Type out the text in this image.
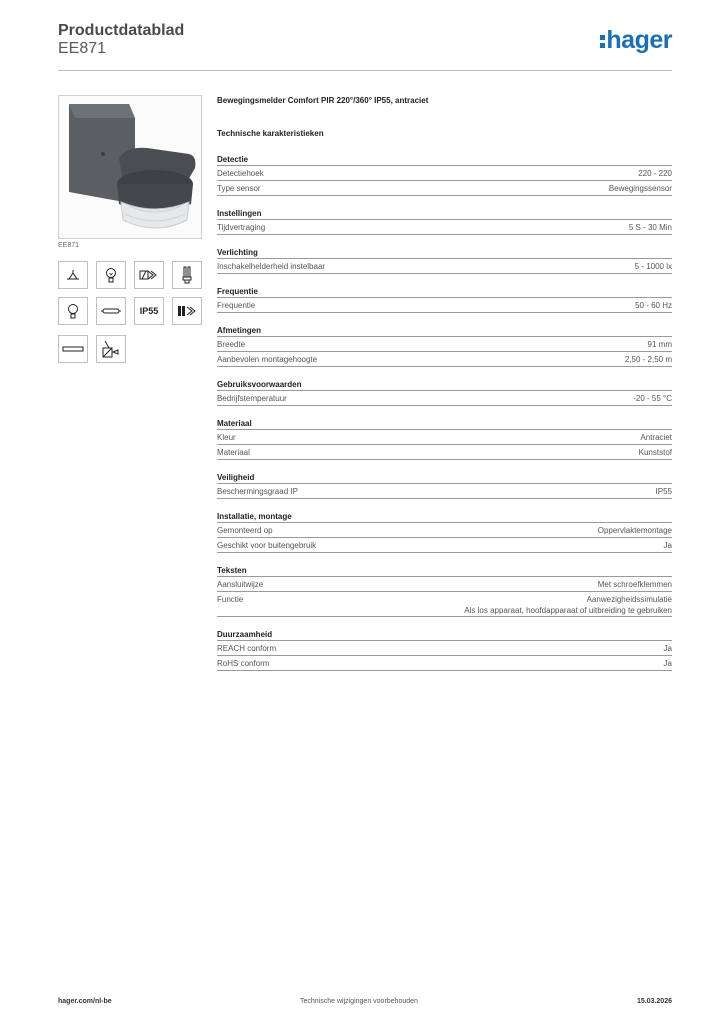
Productdatablad
EE871	hager
EE871
IP55
Bewegingsmelder Comfort PIR 220°/360° IP55, antraciet
Technische karakteristieken
Detectie
Detectiehoek	220 - 220
Type sensor	Bewegingssensor
Instellingen
Tijdvertraging	5 S - 30 Min
Verlichting
Inschakelhelderheid instelbaar	5 - 1000 lx
Frequentie
Frequentie	50 - 60 Hz
Afmetingen
Breedte	91 mm
Aanbevolen montagehoogte	2,50 - 2,50 m
Gebruiksvoorwaarden
Bedrijfstemperatuur	-20 - 55 °C
Materiaal
Kleur	Antraciet
Materiaal	Kunststof
Veiligheid
Beschermingsgraad IP	IP55
Installatie, montage
Gemonteerd op	Oppervlaktemontage
Geschikt voor buitengebruik	Ja
Teksten
Aansluitwijze	Met schroefklemmen
Functie	Aanwezigheidssimulatie
Als los apparaat, hoofdapparaat of uitbreiding te gebruiken
Duurzaamheid
REACH conform	Ja
RoHS conform	Ja
hager.com/nl-be	Technische wijzigingen voorbehouden	15.03.2026
